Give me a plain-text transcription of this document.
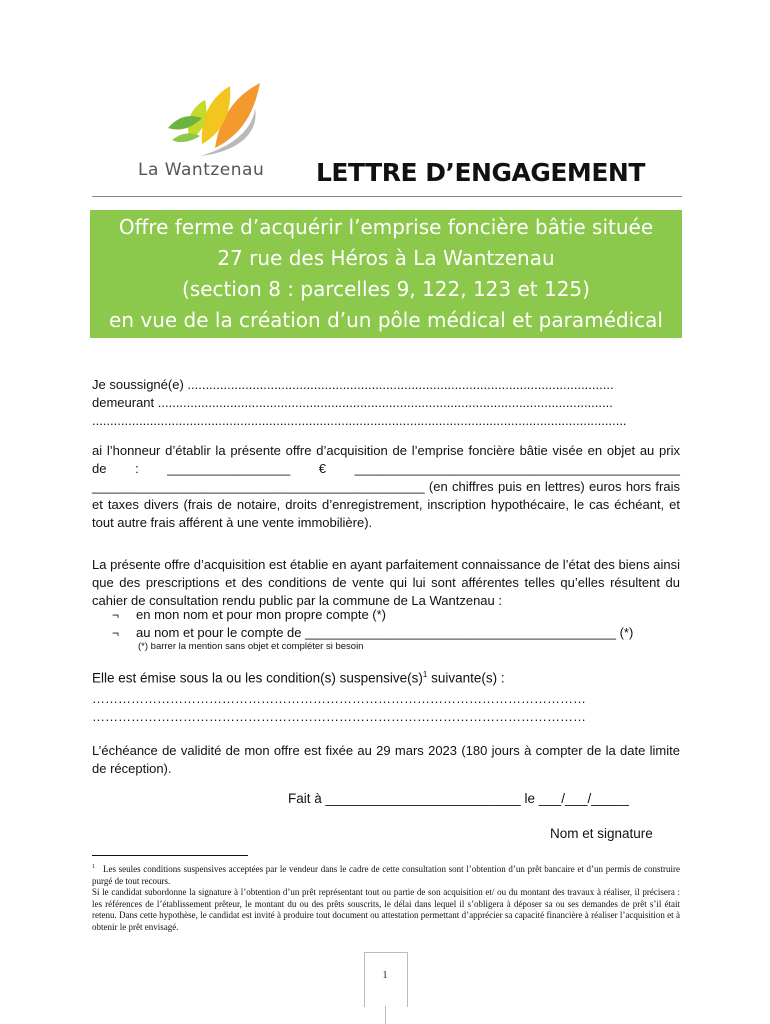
La Wantzenau LETTRE D’ENGAGEMENT
Offre ferme d’acquérir l’emprise foncière bâtie située
27 rue des Héros à La Wantzenau
(section 8 : parcelles 9, 122, 123 et 125)
en vue de la création d’un pôle médical et paramédical
Je soussigné(e) ......................................................................................................................
demeurant ..............................................................................................................................
....................................................................................................................................................
ai l’honneur d’établir la présente offre d’acquisition de l’emprise foncière bâtie visée en objet au prix de : _________________ € _____________________________________________ ______________________________________________ (en chiffres puis en lettres) euros hors frais et taxes divers (frais de notaire, droits d’enregistrement, inscription hypothécaire, le cas échéant, et tout autre frais afférent à une vente immobilière).
La présente offre d’acquisition est établie en ayant parfaitement connaissance de l’état des biens ainsi que des prescriptions et des conditions de vente qui lui sont afférentes telles qu’elles résultent du cahier de consultation rendu public par la commune de La Wantzenau :
¬ en mon nom et pour mon propre compte (*)
¬ au nom et pour le compte de ___________________________________________ (*)
(*) barrer la mention sans objet et compléter si besoin
Elle est émise sous la ou les condition(s) $suspensive(s)^1$ suivante(s) :
……………………………………………………………………………………………………
……………………………………………………………………………………………………
L’échéance de validité de mon offre est fixée au 29 mars 2023 (180 jours à compter de la date limite de réception).
Fait à __________________________ le ___/___/_____
Nom et signature
$^1$ Les seules conditions suspensives acceptées par le vendeur dans le cadre de cette consultation sont l’obtention d’un prêt bancaire et d’un permis de construire purgé de tout recours.
Si le candidat subordonne la signature à l’obtention d’un prêt représentant tout ou partie de son acquisition et/ ou du montant des travaux à réaliser, il précisera : les références de l’établissement prêteur, le montant du ou des prêts souscrits, le délai dans lequel il s’obligera à déposer sa ou ses demandes de prêt s’il était retenu. Dans cette hypothèse, le candidat est invité à produire tout document ou attestation permettant d’apprécier sa capacité financière à réaliser l’acquisition et à obtenir le prêt envisagé.
1
